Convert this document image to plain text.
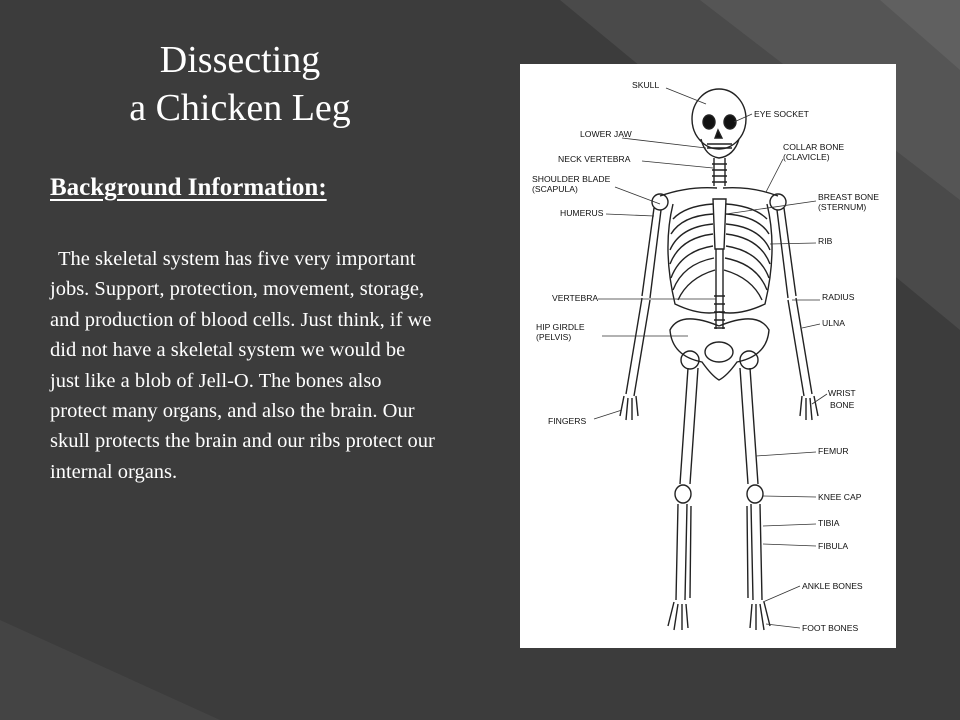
Dissecting
a Chicken Leg
Background Information:
The skeletal system has five very important jobs. Support, protection, movement, storage, and production of blood cells. Just think, if we did not have a skeletal system we would be just like a blob of Jell-O. The bones also protect many organs, and also the brain. Our skull protects the brain and our ribs protect our internal organs.
SKULL
EYE SOCKET
LOWER JAW
NECK VERTEBRA
COLLAR BONE (CLAVICLE)
SHOULDER BLADE (SCAPULA)
BREAST BONE (STERNUM)
HUMERUS
RIB
VERTEBRA	RADIUS
HIP GIRDLE (PELVIS)
ULNA
WRIST BONE
FINGERS
FEMUR
KNEE CAP
TIBIA
FIBULA
ANKLE BONES
FOOT BONES
